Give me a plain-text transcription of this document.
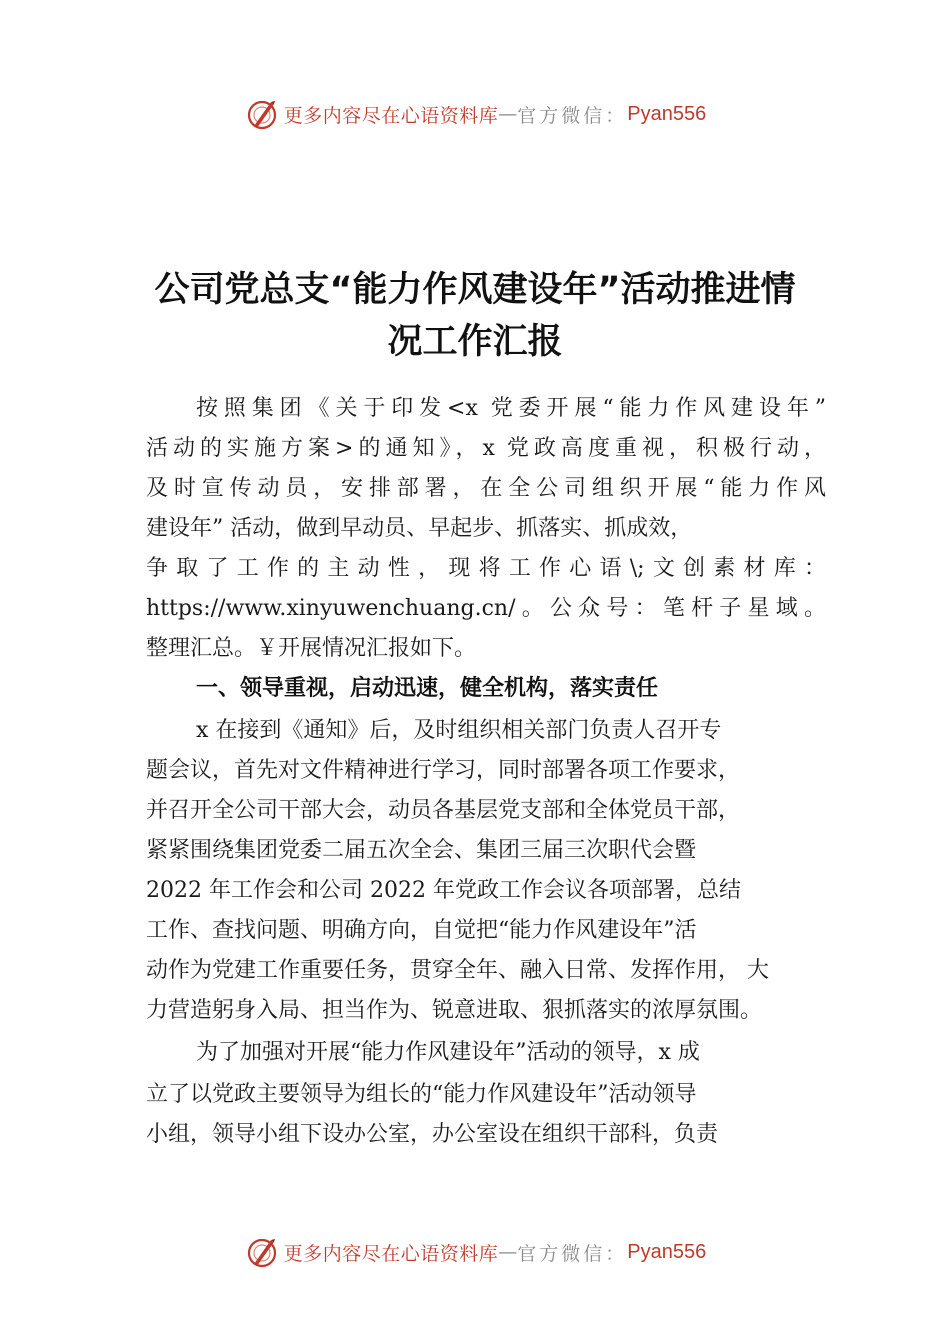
更多内容尽在心语资料库 — 官方微信： Pyan556
公司党总支“能力作风建设年”活动推进情
况工作汇报
按照集团《关于印发<x 党委开展“能力作风建设年”
活动的实施方案>的通知》，x 党政高度重视，积极行动，
及时宣传动员，安排部署，在全公司组织开展“能力作风
建设年” 活动，做到早动员、早起步、抓落实、抓成效，
争取了工作的主动性，现将工作心语\;文创素材库：
https://www.xinyuwenchuang.cn/。公众号：笔杆子星域。
整理汇总。￥开展情况汇报如下。
一、领导重视，启动迅速，健全机构，落实责任
x 在接到《通知》后，及时组织相关部门负责人召开专
题会议，首先对文件精神进行学习，同时部署各项工作要求，
并召开全公司干部大会，动员各基层党支部和全体党员干部，
紧紧围绕集团党委二届五次全会、集团三届三次职代会暨
2022 年工作会和公司 2022 年党政工作会议各项部署，总结
工作、查找问题、明确方向，自觉把“能力作风建设年”活
动作为党建工作重要任务，贯穿全年、融入日常、发挥作用， 大
力营造躬身入局、担当作为、锐意进取、狠抓落实的浓厚氛围。
为了加强对开展“能力作风建设年”活动的领导，x 成
立了以党政主要领导为组长的“能力作风建设年”活动领导
小组，领导小组下设办公室，办公室设在组织干部科，负责
更多内容尽在心语资料库 — 官方微信： Pyan556
